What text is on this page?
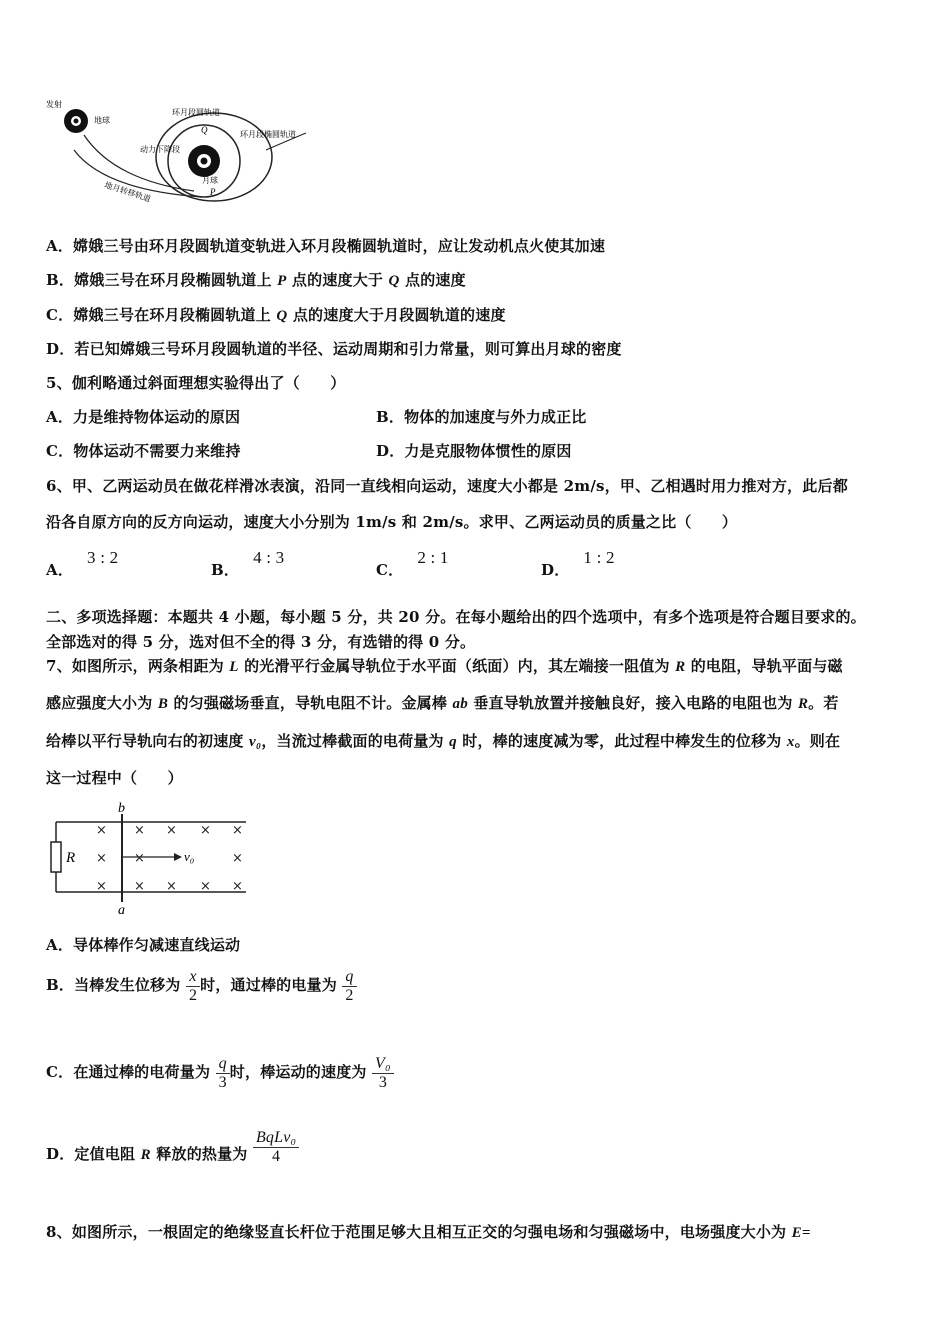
发射
地球
环月段圆轨道
环月段椭圆轨道
动力下降段
地月转移轨道	月球
Q
P
A．嫦娥三号由环月段圆轨道变轨进入环月段椭圆轨道时，应让发动机点火使其加速
B．嫦娥三号在环月段椭圆轨道上 P 点的速度大于 Q 点的速度
C．嫦娥三号在环月段椭圆轨道上 Q 点的速度大于月段圆轨道的速度
D．若已知嫦娥三号环月段圆轨道的半径、运动周期和引力常量，则可算出月球的密度
5、伽利略通过斜面理想实验得出了（　　）
A．力是维持物体运动的原因	B．物体的加速度与外力成正比
C．物体运动不需要力来维持	D．力是克服物体惯性的原因
6、甲、乙两运动员在做花样滑冰表演，沿同一直线相向运动，速度大小都是 2m/s，甲、乙相遇时用力推对方，此后都
沿各自原方向的反方向运动，速度大小分别为 1m/s 和 2m/s。求甲、乙两运动员的质量之比（　　）
A．3 : 2
B．4 : 3
C．2 : 1
D．1 : 2
二、多项选择题：本题共 4 小题，每小题 5 分，共 20 分。在每小题给出的四个选项中，有多个选项是符合题目要求的。
全部选对的得 5 分，选对但不全的得 3 分，有选错的得 0 分。
7、如图所示，两条相距为 L 的光滑平行金属导轨位于水平面（纸面）内，其左端接一阻值为 R 的电阻，导轨平面与磁
感应强度大小为 B 的匀强磁场垂直，导轨电阻不计。金属棒 ab 垂直导轨放置并接触良好，接入电路的电阻也为 R。若
给棒以平行导轨向右的初速度 v₀，当流过棒截面的电荷量为 q 时，棒的速度减为零，此过程中棒发生的位移为 x。则在
这一过程中（　　）
R
b
a
v₀
× × × × ×
× ×	×
× × × × ×
A．导体棒作匀减速直线运动
B．当棒发生位移为 $\frac{x}{2}$ 时，通过棒的电量为 $\frac{q}{2}$
C．在通过棒的电荷量为 $\frac{q}{3}$ 时，棒运动的速度为 $\frac{\text{V₀}}{3}$
D．定值电阻 R 释放的热量为 $\frac{\text{BqLv₀}}{4}$
8、如图所示，一根固定的绝缘竖直长杆位于范围足够大且相互正交的匀强电场和匀强磁场中，电场强度大小为 E=
